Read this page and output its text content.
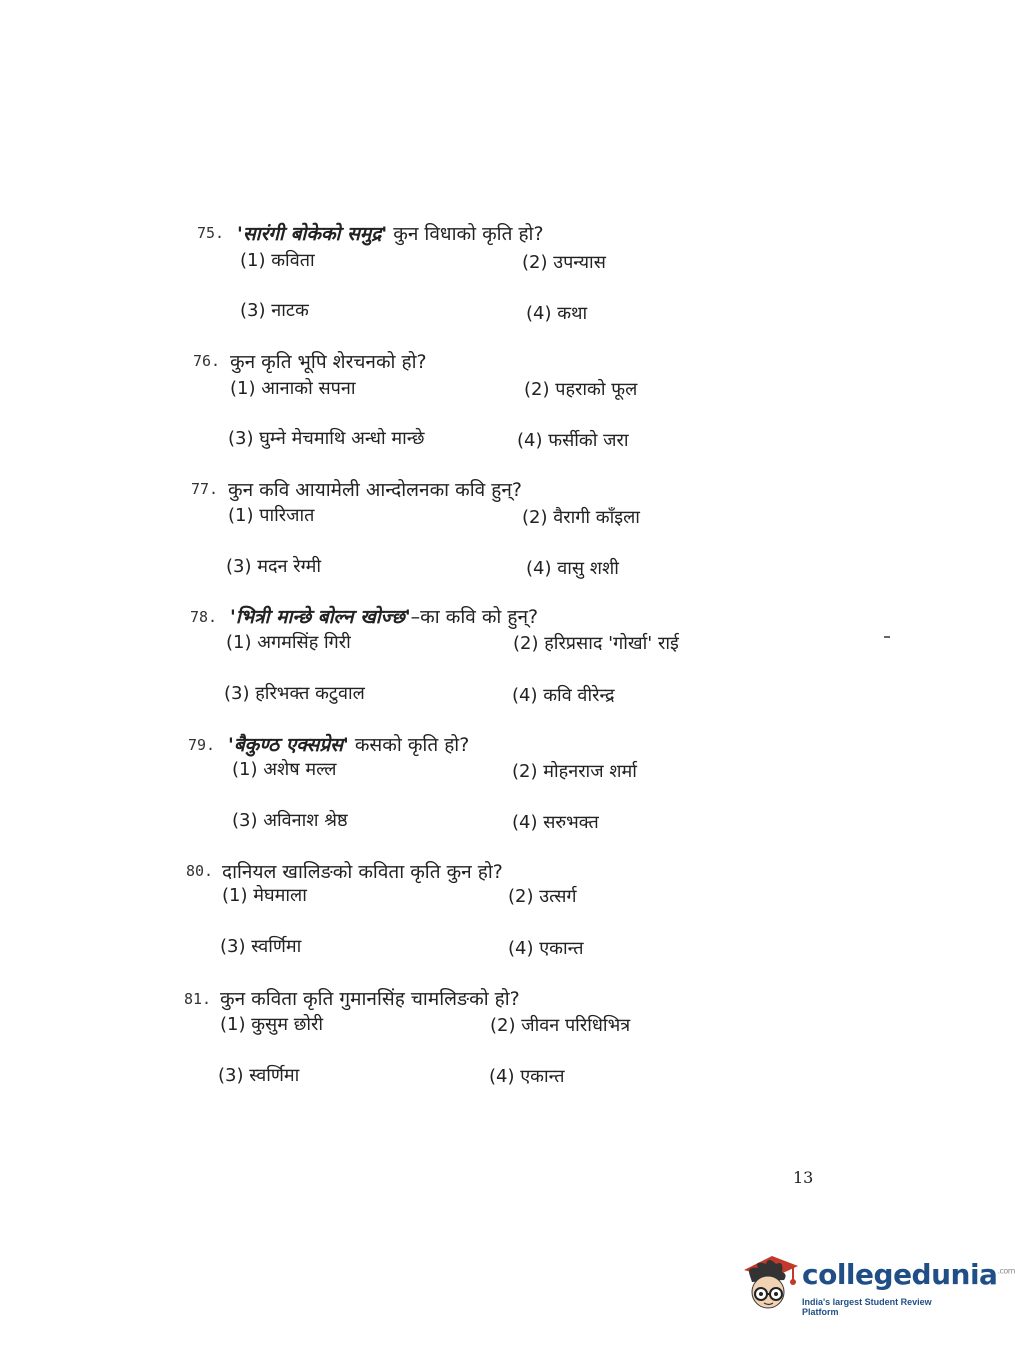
75. 'सारंगी बोकेको समुद्र' कुन विधाको कृति हो?
(1) कविता	(2) उपन्यास
(3) नाटक	(4) कथा
76. कुन कृति भूपि शेरचनको हो?
(1) आनाको सपना	(2) पहराको फूल
(3) घुम्ने मेचमाथि अन्धो मान्छे	(4) फर्सीको जरा
77. कुन कवि आयामेली आन्दोलनका कवि हुन्?
(1) पारिजात	(2) वैरागी काँइला
(3) मदन रेग्मी	(4) वासु शशी
78. 'भित्री मान्छे बोल्न खोज्छ'–का कवि को हुन्?
(1) अगमसिंह गिरी	(2) हरिप्रसाद 'गोर्खा' राई
(3) हरिभक्त कटुवाल	(4) कवि वीरेन्द्र
79. 'बैकुण्ठ एक्सप्रेस' कसको कृति हो?
(1) अशेष मल्ल	(2) मोहनराज शर्मा
(3) अविनाश श्रेष्ठ	(4) सरुभक्त
80. दानियल खालिङको कविता कृति कुन हो?
(1) मेघमाला	(2) उत्सर्ग
(3) स्वर्णिमा	(4) एकान्त
81. कुन कविता कृति गुमानसिंह चामलिङको हो?
(1) कुसुम छोरी	(2) जीवन परिधिभित्र
(3) स्वर्णिमा	(4) एकान्त
13
collegedunia$^{.com}$
India's largest Student Review Platform
